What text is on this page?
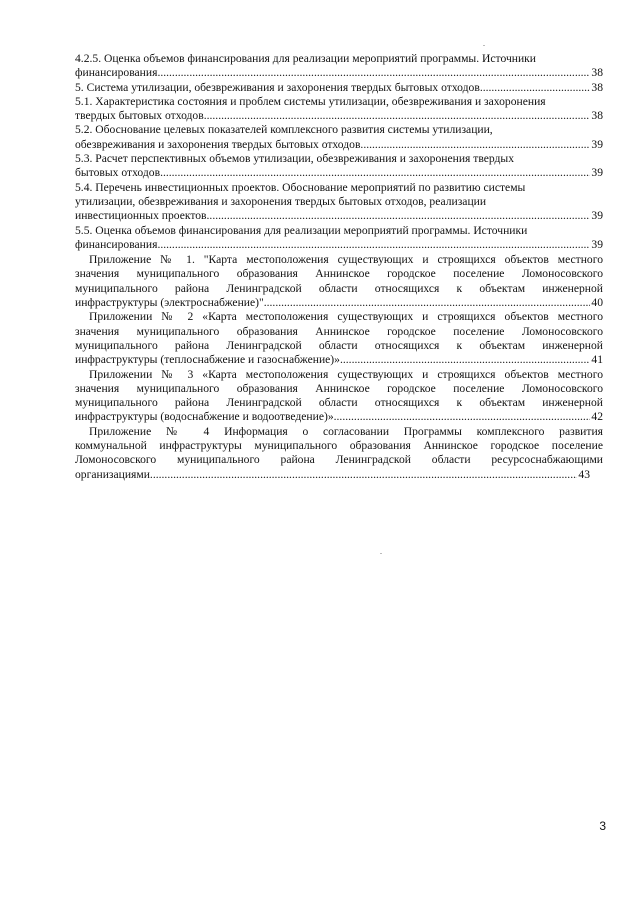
4.2.5. Оценка объемов финансирования для реализации мероприятий программы. Источники
финансирования .....	38
5. Система утилизации, обезвреживания и захоронения твердых бытовых отходов .....	38
5.1. Характеристика состояния и проблем системы утилизации, обезвреживания и захоронения
твердых бытовых отходов .....	38
5.2. Обоснование целевых показателей комплексного развития системы утилизации,
обезвреживания и захоронения твердых бытовых отходов .....	39
5.3. Расчет перспективных объемов утилизации, обезвреживания и захоронения твердых
бытовых отходов .....	39
5.4. Перечень инвестиционных проектов. Обоснование мероприятий по развитию системы
утилизации, обезвреживания и захоронения твердых бытовых отходов, реализации
инвестиционных проектов .....	39
5.5. Оценка объемов финансирования для реализации мероприятий программы. Источники
финансирования .....	39
Приложение № 1. "Карта местоположения существующих и строящихся объектов местного
значения муниципального образования Аннинское городское поселение Ломоносовского
муниципального района Ленинградской области относящихся к объектам инженерной
инфраструктуры (электроснабжение)" .....	40
Приложении № 2 «Карта местоположения существующих и строящихся объектов местного
значения муниципального образования Аннинское городское поселение Ломоносовского
муниципального района Ленинградской области относящихся к объектам инженерной
инфраструктуры (теплоснабжение и газоснабжение)» .....	41
Приложении № 3 «Карта местоположения существующих и строящихся объектов местного
значения муниципального образования Аннинское городское поселение Ломоносовского
муниципального района Ленинградской области относящихся к объектам инженерной
инфраструктуры (водоснабжение и водоотведение)» .....	42
Приложение № 4 Информация о согласовании Программы комплексного развития
коммунальной инфраструктуры муниципального образования Аннинское городское поселение
Ломоносовского муниципального района Ленинградской области ресурсоснабжающими
организациями .....	43
3
